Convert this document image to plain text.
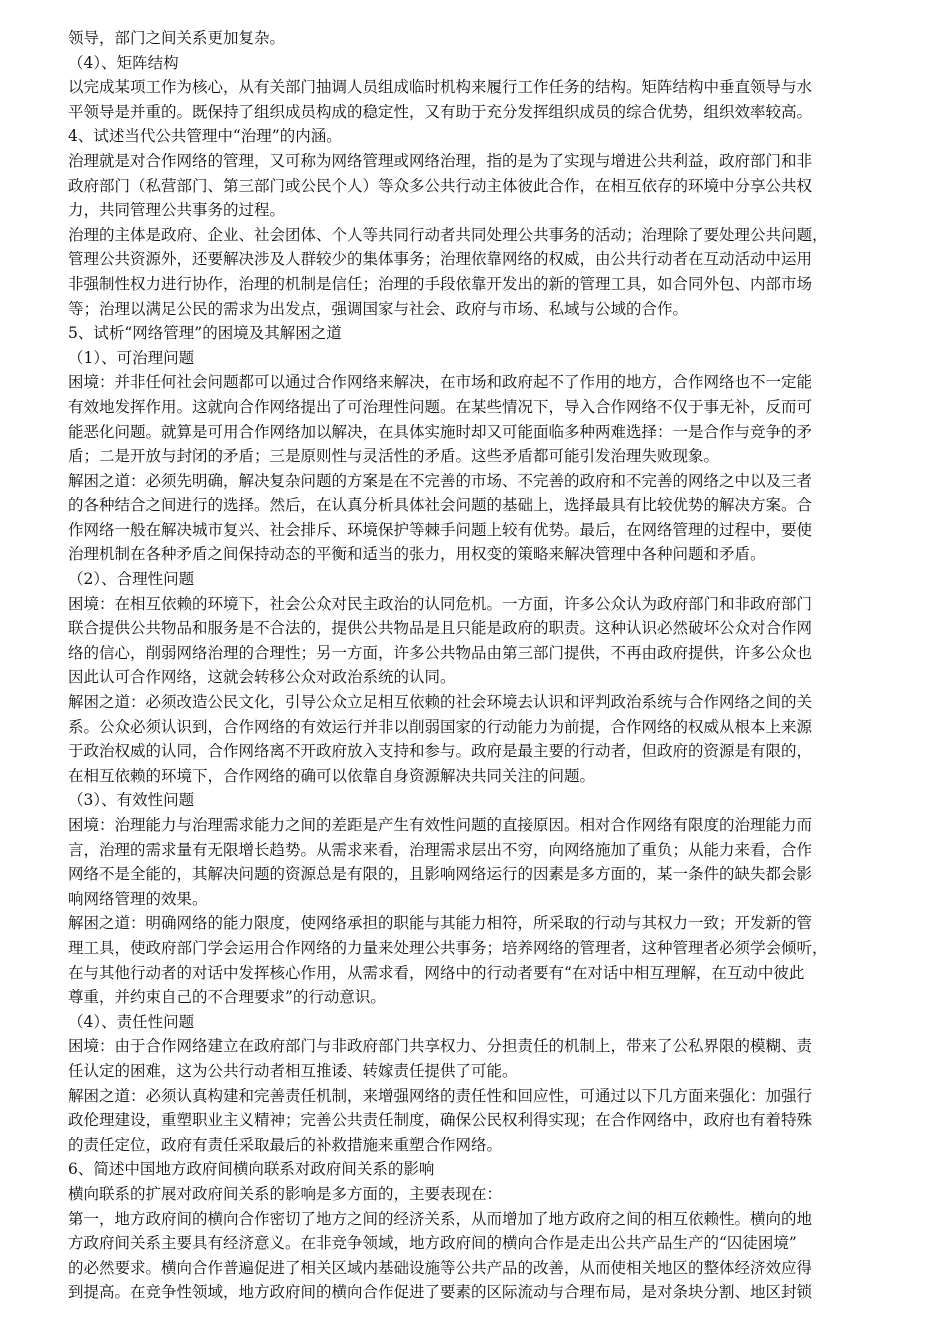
领导，部门之间关系更加复杂。
（4）、矩阵结构
以完成某项工作为核心，从有关部门抽调人员组成临时机构来履行工作任务的结构。矩阵结构中垂直领导与水
平领导是并重的。既保持了组织成员构成的稳定性，又有助于充分发挥组织成员的综合优势，组织效率较高。
4、试述当代公共管理中“治理”的内涵。
治理就是对合作网络的管理，又可称为网络管理或网络治理，指的是为了实现与增进公共利益，政府部门和非
政府部门（私营部门、第三部门或公民个人）等众多公共行动主体彼此合作，在相互依存的环境中分享公共权
力，共同管理公共事务的过程。
治理的主体是政府、企业、社会团体、个人等共同行动者共同处理公共事务的活动；治理除了要处理公共问题，
管理公共资源外，还要解决涉及人群较少的集体事务；治理依靠网络的权威，由公共行动者在互动活动中运用
非强制性权力进行协作，治理的机制是信任；治理的手段依靠开发出的新的管理工具，如合同外包、内部市场
等；治理以满足公民的需求为出发点，强调国家与社会、政府与市场、私域与公域的合作。
5、试析“网络管理”的困境及其解困之道
（1）、可治理问题
困境：并非任何社会问题都可以通过合作网络来解决，在市场和政府起不了作用的地方，合作网络也不一定能
有效地发挥作用。这就向合作网络提出了可治理性问题。在某些情况下，导入合作网络不仅于事无补，反而可
能恶化问题。就算是可用合作网络加以解决，在具体实施时却又可能面临多种两难选择：一是合作与竞争的矛
盾；二是开放与封闭的矛盾；三是原则性与灵活性的矛盾。这些矛盾都可能引发治理失败现象。
解困之道：必须先明确，解决复杂问题的方案是在不完善的市场、不完善的政府和不完善的网络之中以及三者
的各种结合之间进行的选择。然后，在认真分析具体社会问题的基础上，选择最具有比较优势的解决方案。合
作网络一般在解决城市复兴、社会排斥、环境保护等棘手问题上较有优势。最后，在网络管理的过程中，要使
治理机制在各种矛盾之间保持动态的平衡和适当的张力，用权变的策略来解决管理中各种问题和矛盾。
（2）、合理性问题
困境：在相互依赖的环境下，社会公众对民主政治的认同危机。一方面，许多公众认为政府部门和非政府部门
联合提供公共物品和服务是不合法的，提供公共物品是且只能是政府的职责。这种认识必然破坏公众对合作网
络的信心，削弱网络治理的合理性；另一方面，许多公共物品由第三部门提供，不再由政府提供，许多公众也
因此认可合作网络，这就会转移公众对政治系统的认同。
解困之道：必须改造公民文化，引导公众立足相互依赖的社会环境去认识和评判政治系统与合作网络之间的关
系。公众必须认识到，合作网络的有效运行并非以削弱国家的行动能力为前提，合作网络的权威从根本上来源
于政治权威的认同，合作网络离不开政府放入支持和参与。政府是最主要的行动者，但政府的资源是有限的，
在相互依赖的环境下，合作网络的确可以依靠自身资源解决共同关注的问题。
（3）、有效性问题
困境：治理能力与治理需求能力之间的差距是产生有效性问题的直接原因。相对合作网络有限度的治理能力而
言，治理的需求量有无限增长趋势。从需求来看，治理需求层出不穷，向网络施加了重负；从能力来看，合作
网络不是全能的，其解决问题的资源总是有限的，且影响网络运行的因素是多方面的，某一条件的缺失都会影
响网络管理的效果。
解困之道：明确网络的能力限度，使网络承担的职能与其能力相符，所采取的行动与其权力一致；开发新的管
理工具，使政府部门学会运用合作网络的力量来处理公共事务；培养网络的管理者，这种管理者必须学会倾听，
在与其他行动者的对话中发挥核心作用，从需求看，网络中的行动者要有“在对话中相互理解，在互动中彼此
尊重，并约束自己的不合理要求”的行动意识。
（4）、责任性问题
困境：由于合作网络建立在政府部门与非政府部门共享权力、分担责任的机制上，带来了公私界限的模糊、责
任认定的困难，这为公共行动者相互推诿、转嫁责任提供了可能。
解困之道：必须认真构建和完善责任机制，来增强网络的责任性和回应性，可通过以下几方面来强化：加强行
政伦理建设，重塑职业主义精神；完善公共责任制度，确保公民权利得实现；在合作网络中，政府也有着特殊
的责任定位，政府有责任采取最后的补救措施来重塑合作网络。
6、简述中国地方政府间横向联系对政府间关系的影响
横向联系的扩展对政府间关系的影响是多方面的，主要表现在：
第一，地方政府间的横向合作密切了地方之间的经济关系，从而增加了地方政府之间的相互依赖性。横向的地
方政府间关系主要具有经济意义。在非竞争领域，地方政府间的横向合作是走出公共产品生产的“囚徒困境”
的必然要求。横向合作普遍促进了相关区域内基础设施等公共产品的改善，从而使相关地区的整体经济效应得
到提高。在竞争性领域，地方政府间的横向合作促进了要素的区际流动与合理布局，是对条块分割、地区封锁
